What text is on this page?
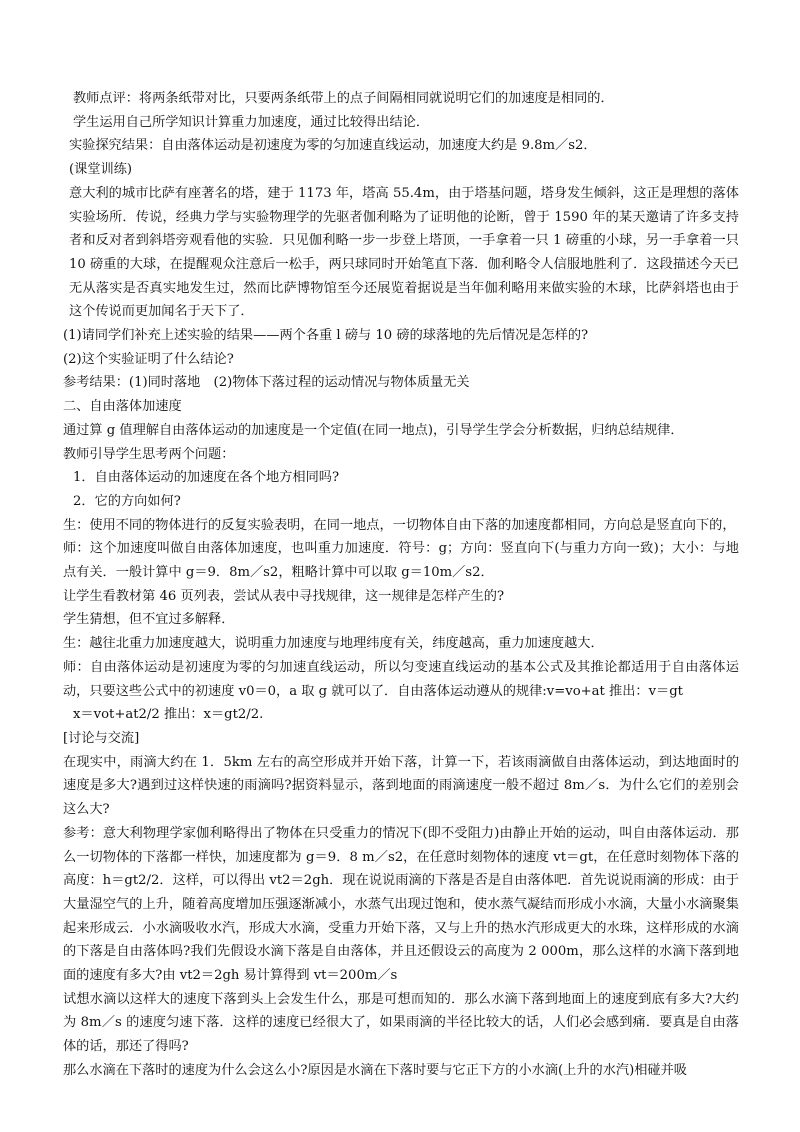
教师点评：将两条纸带对比，只要两条纸带上的点子间隔相同就说明它们的加速度是相同的．

学生运用自己所学知识计算重力加速度，通过比较得出结论．

实验探究结果：自由落体运动是初速度为零的匀加速直线运动，加速度大约是 9.8m／s2．

(课堂训练)

意大利的城市比萨有座著名的塔，建于 1173 年，塔高 55.4m，由于塔基问题，塔身发生倾斜，这正是理想的落体实验场所．传说，经典力学与实验物理学的先驱者伽利略为了证明他的论断，曾于 1590 年的某天邀请了许多支持者和反对者到斜塔旁观看他的实验．只见伽利略一步一步登上塔顶，一手拿着一只 1 磅重的小球，另一手拿着一只 10 磅重的大球，在提醒观众注意后一松手，两只球同时开始笔直下落．伽利略令人信服地胜利了．这段描述今天已无从落实是否真实地发生过，然而比萨博物馆至今还展览着据说是当年伽利略用来做实验的木球，比萨斜塔也由于这个传说而更加闻名于天下了．

(1)请同学们补充上述实验的结果——两个各重 l 磅与 10 磅的球落地的先后情况是怎样的?

(2)这个实验证明了什么结论?

参考结果：(1)同时落地　(2)物体下落过程的运动情况与物体质量无关

二、自由落体加速度

通过算 g 值理解自由落体运动的加速度是一个定值(在同一地点)，引导学生学会分析数据，归纳总结规律．

教师引导学生思考两个问题：

1．自由落体运动的加速度在各个地方相同吗?

2．它的方向如何?

生：使用不同的物体进行的反复实验表明，在同一地点，一切物体自由下落的加速度都相同，方向总是竖直向下的，

师：这个加速度叫做自由落体加速度，也叫重力加速度．符号：g；方向：竖直向下(与重力方向一致)；大小：与地点有关．一般计算中 g＝9．8m／s2，粗略计算中可以取 g＝10m／s2．

让学生看教材第 46 页列表，尝试从表中寻找规律，这一规律是怎样产生的?

学生猜想，但不宜过多解释．

生：越往北重力加速度越大，说明重力加速度与地理纬度有关，纬度越高，重力加速度越大．

师：自由落体运动是初速度为零的匀加速直线运动，所以匀变速直线运动的基本公式及其推论都适用于自由落体运动，只要这些公式中的初速度 v0＝0，a 取 g 就可以了．自由落体运动遵从的规律:v=vo+at 推出：v＝gt

x＝vot+at2/2 推出：x＝gt2/2.

[讨论与交流]

在现实中，雨滴大约在 1．5km 左右的高空形成并开始下落，计算一下，若该雨滴做自由落体运动，到达地面时的速度是多大?遇到过这样快速的雨滴吗?据资料显示，落到地面的雨滴速度一般不超过 8m／s．为什么它们的差别会这么大?

参考：意大利物理学家伽利略得出了物体在只受重力的情况下(即不受阻力)由静止开始的运动，叫自由落体运动．那么一切物体的下落都一样快，加速度都为 g＝9．8 m／s2，在任意时刻物体的速度 vt＝gt，在任意时刻物体下落的高度：h＝gt2/2．这样，可以得出 vt2＝2gh．现在说说雨滴的下落是否是自由落体吧．首先说说雨滴的形成：由于大量湿空气的上升，随着高度增加压强逐渐减小，水蒸气出现过饱和，使水蒸气凝结而形成小水滴，大量小水滴聚集起来形成云．小水滴吸收水汽，形成大水滴，受重力开始下落，又与上升的热水汽形成更大的水珠，这样形成的水滴的下落是自由落体吗?我们先假设水滴下落是自由落体，并且还假设云的高度为 2 000m，那么这样的水滴下落到地面的速度有多大?由 vt2＝2gh 易计算得到 vt＝200m／s

试想水滴以这样大的速度下落到头上会发生什么，那是可想而知的．那么水滴下落到地面上的速度到底有多大?大约为 8m／s 的速度匀速下落．这样的速度已经很大了，如果雨滴的半径比较大的话，人们必会感到痛．要真是自由落体的话，那还了得吗?

那么水滴在下落时的速度为什么会这么小?原因是水滴在下落时要与它正下方的小水滴(上升的水汽)相碰并吸
